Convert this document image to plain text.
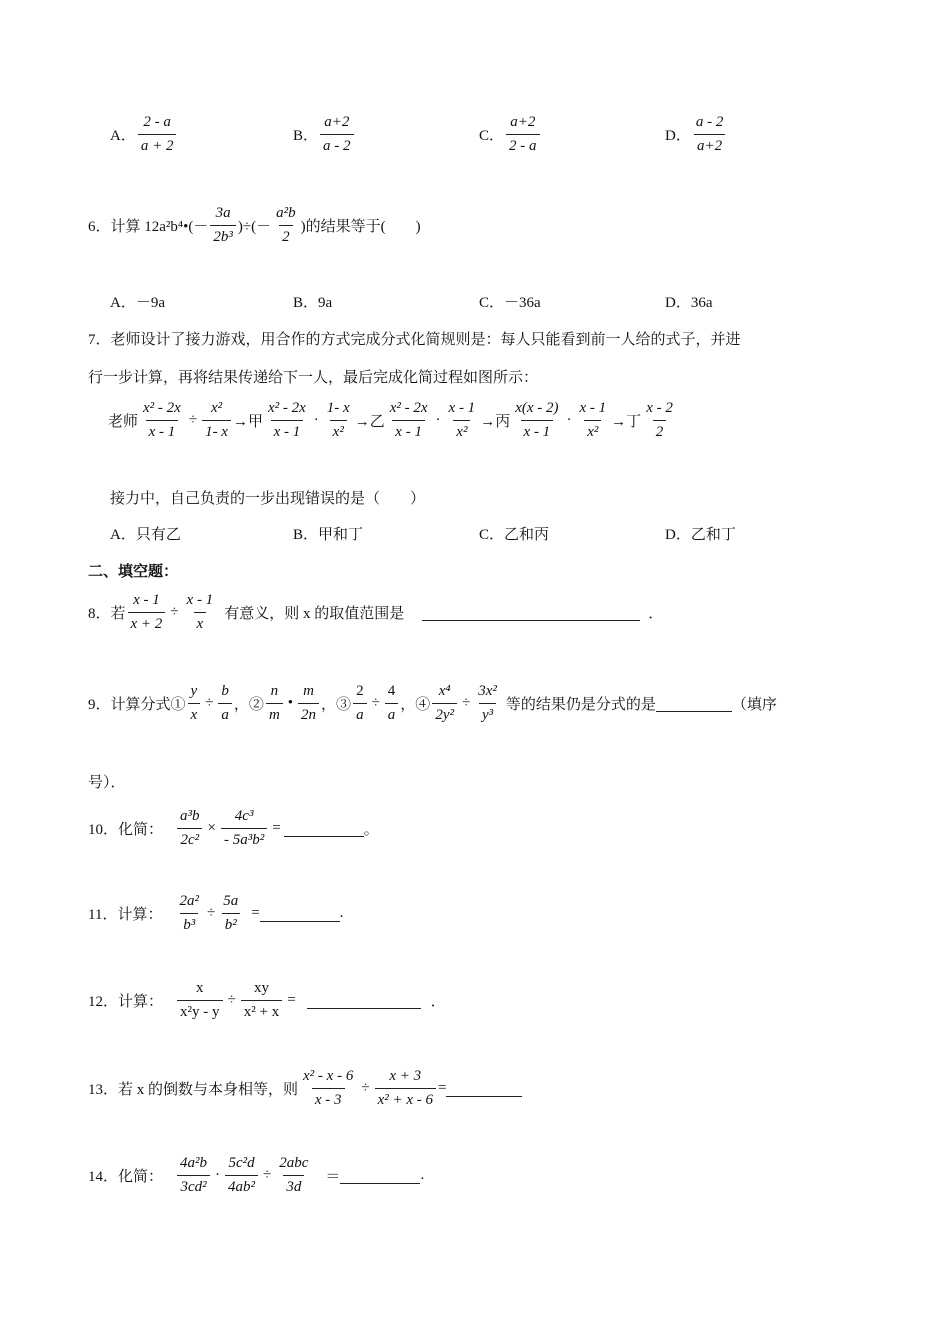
A． $\frac{2 - a}{a + 2}$	B． $\frac{a+2}{a - 2}$	C． $\frac{a+2}{2 - a}$	D． $\frac{a - 2}{a+2}$
6．计算 12a²b⁴•(－ $\frac{3a}{\text{2b³}}$ )÷(－ $\frac{\text{a²b}}{2}$ )的结果等于(　　)
A．－9a	B．9a	C．－36a	D．36a
7．老师设计了接力游戏，用合作的方式完成分式化简规则是：每人只能看到前一人给的式子，并进
行一步计算，再将结果传递给下一人，最后完成化简过程如图所示：
老师 $\frac{\text{x² - 2x}}{x - 1} \div \frac{\text{x²}}{1- x}$ →甲 $\frac{\text{x² - 2x}}{x - 1} \cdot \frac{1- x}{\text{x²}}$ →乙 $\frac{\text{x² - 2x}}{x - 1} \cdot \frac{x - 1}{\text{x²}}$ →丙 $\frac{x(x - 2)}{x - 1} \cdot \frac{x - 1}{\text{x²}}$ →丁 $\frac{x - 2}{2}$
接力中，自己负责的一步出现错误的是（　　）
A．只有乙	B．甲和丁	C．乙和丙	D．乙和丁
二、填空题：
8．若 $\frac{x - 1}{x + 2} \div \frac{x - 1}{x}$ 有意义，则 x 的取值范围是	．
9．计算分式① $\frac{y}{x} \div \frac{b}{a}$ ，② $\frac{n}{m}$ • $\frac{m}{2n}$ ，③ $\frac{2}{a} \div \frac{4}{a}$ ，④ $\frac{\text{x⁴}}{\text{2y²}} \div \frac{\text{3x²}}{\text{y³}}$ 等的结果仍是分式的是	（填序
号）．
10．化简： $\frac{\text{a³b}}{\text{2c²}} \times \frac{\text{4c³}}{\text{- 5a³b²}}$ =	。
11．计算： $\frac{\text{2a²}}{\text{b³}} \div \frac{5a}{\text{b²}}$ =	.
12．计算： $\frac{x}{\text{x²y - y}} \div \frac{xy}{\text{x² + x}}$ =	．
13．若 x 的倒数与本身相等，则 $\frac{\text{x² - x - 6}}{x - 3} \div \frac{x + 3}{\text{x² + x - 6}}$ =
14．化简： $\frac{\text{4a²b}}{\text{3cd²}} \cdot \frac{\text{5c²d}}{\text{4ab²}} \div \frac{\text{2abc}}{3d}$ ＝	.
